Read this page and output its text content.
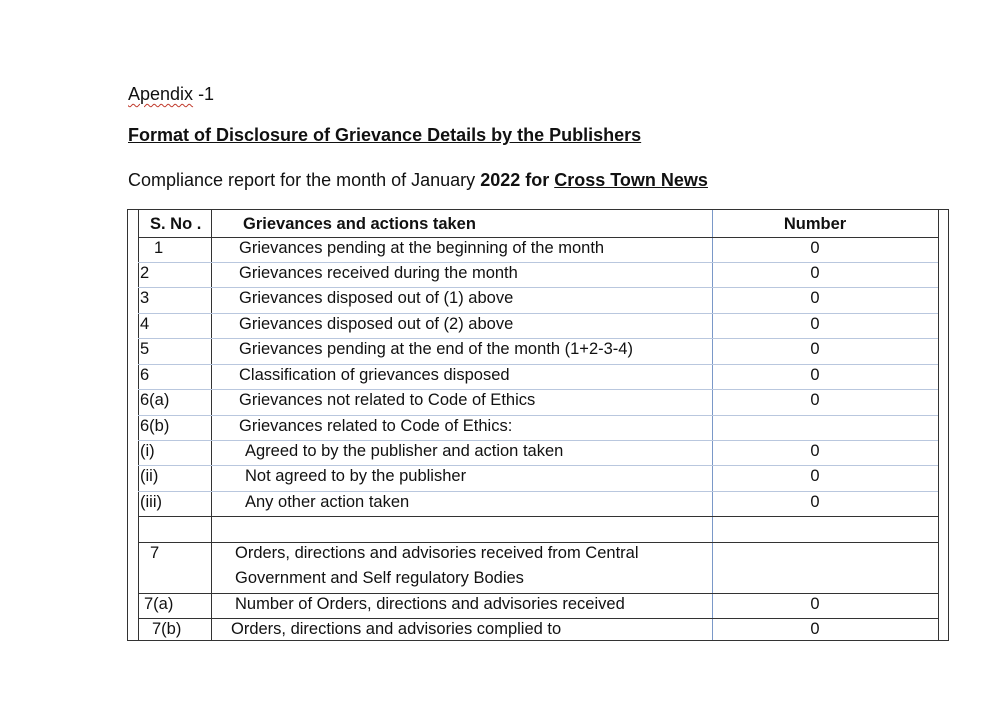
Apendix -1
Format of Disclosure of Grievance Details by the Publishers
Compliance report for the month of January 2022 for Cross Town News
S. No .	Grievances and actions taken	Number
1	Grievances pending at the beginning of the month	0
2	Grievances received during the month	0
3	Grievances disposed out of (1) above	0
4	Grievances disposed out of (2) above	0
5	Grievances pending at the end of the month (1+2-3-4)	0
6	Classification of grievances disposed	0
6(a)	Grievances not related to Code of Ethics	0
6(b)	Grievances related to Code of Ethics:
(i)	Agreed to by the publisher and action taken	0
(ii)	Not agreed to by the publisher	0
(iii)	Any other action taken	0
7	Orders, directions and advisories received from Central
Government and Self regulatory Bodies
7(a)	Number of Orders, directions and advisories received	0
7(b)	Orders, directions and advisories complied to	0
